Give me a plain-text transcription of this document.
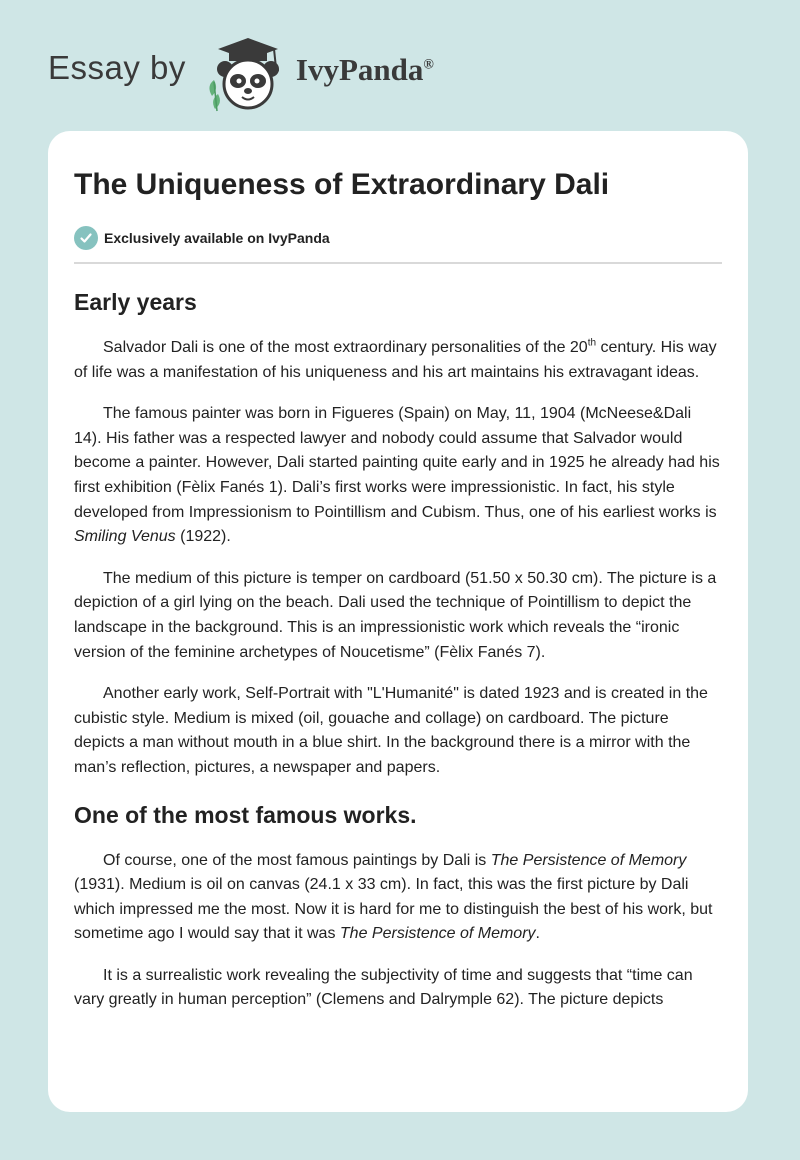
Essay by	IvyPanda®
The Uniqueness of Extraordinary Dali
Exclusively available on IvyPanda
Early years

Salvador Dali is one of the most extraordinary personalities of the 20th century. His way of life was a manifestation of his uniqueness and his art maintains his extravagant ideas.

The famous painter was born in Figueres (Spain) on May, 11, 1904 (McNeese&Dali 14). His father was a respected lawyer and nobody could assume that Salvador would become a painter. However, Dali started painting quite early and in 1925 he already had his first exhibition (Fèlix Fanés 1). Dali’s first works were impressionistic. In fact, his style developed from Impressionism to Pointillism and Cubism. Thus, one of his earliest works is Smiling Venus (1922).

The medium of this picture is temper on cardboard (51.50 x 50.30 cm). The picture is a depiction of a girl lying on the beach. Dali used the technique of Pointillism to depict the landscape in the background. This is an impressionistic work which reveals the “ironic version of the feminine archetypes of Noucetisme” (Fèlix Fanés 7).

Another early work, Self-Portrait with "L'Humanité" is dated 1923 and is created in the cubistic style. Medium is mixed (oil, gouache and collage) on cardboard. The picture depicts a man without mouth in a blue shirt. In the background there is a mirror with the man’s reflection, pictures, a newspaper and papers.

One of the most famous works.

Of course, one of the most famous paintings by Dali is The Persistence of Memory (1931). Medium is oil on canvas (24.1 x 33 cm). In fact, this was the first picture by Dali which impressed me the most. Now it is hard for me to distinguish the best of his work, but sometime ago I would say that it was The Persistence of Memory.

It is a surrealistic work revealing the subjectivity of time and suggests that “time can vary greatly in human perception” (Clemens and Dalrymple 62). The picture depicts
